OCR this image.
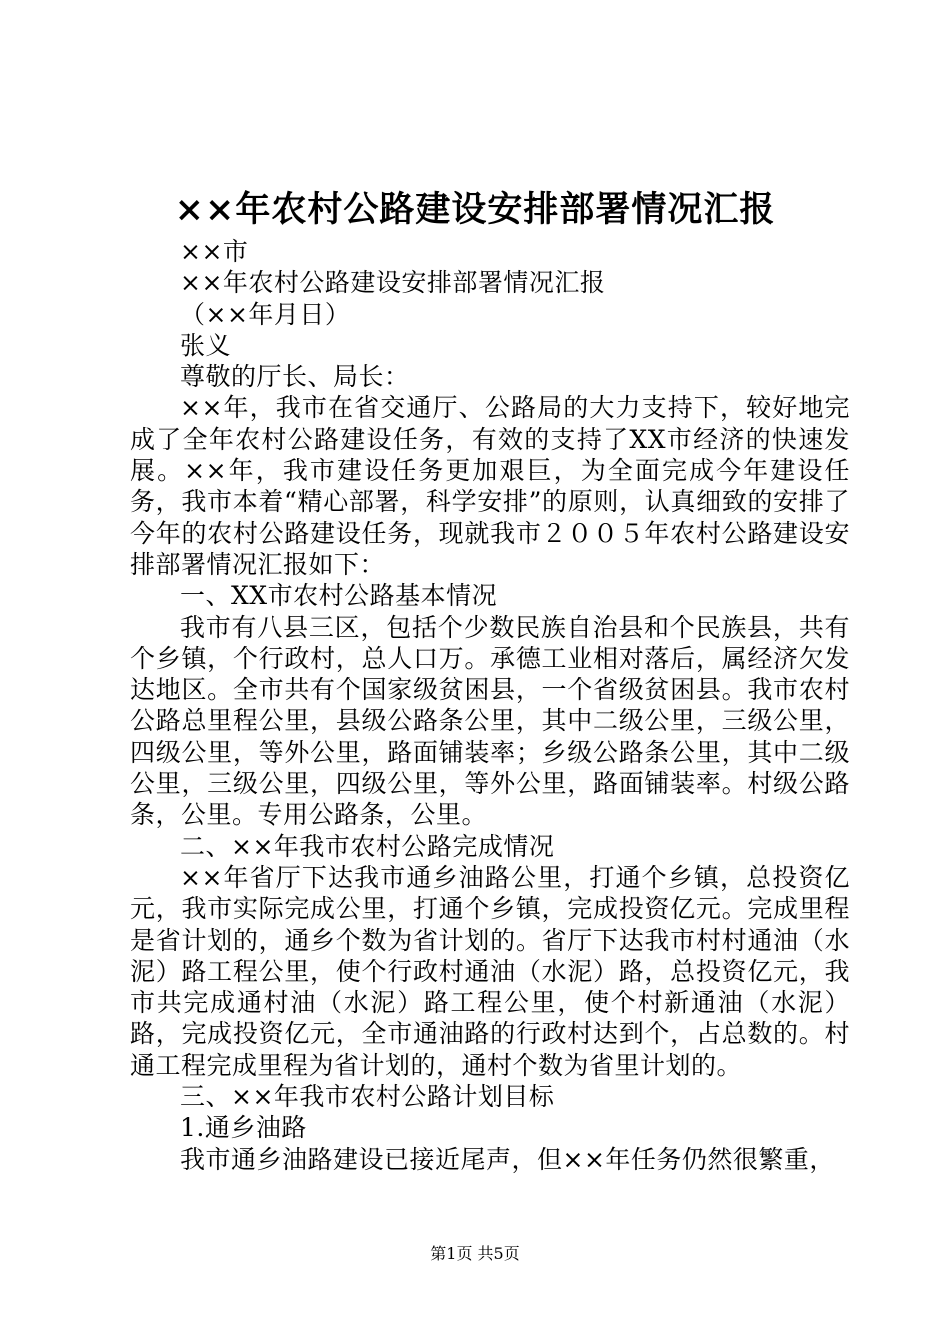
××年农村公路建设安排部署情况汇报

××市

××年农村公路建设安排部署情况汇报

（××年月日）

张义

尊敬的厅长、局长：

××年，我市在省交通厅、公路局的大力支持下，较好地完成了全年农村公路建设任务，有效的支持了XX市经济的快速发展。××年，我市建设任务更加艰巨，为全面完成今年建设任务，我市本着“精心部署，科学安排”的原则，认真细致的安排了今年的农村公路建设任务，现就我市２００５年农村公路建设安排部署情况汇报如下：

一、XX市农村公路基本情况

我市有八县三区，包括个少数民族自治县和个民族县，共有个乡镇，个行政村，总人口万。承德工业相对落后，属经济欠发达地区。全市共有个国家级贫困县，一个省级贫困县。我市农村公路总里程公里，县级公路条公里，其中二级公里，三级公里，四级公里，等外公里，路面铺装率；乡级公路条公里，其中二级公里，三级公里，四级公里，等外公里，路面铺装率。村级公路条，公里。专用公路条，公里。

二、××年我市农村公路完成情况

××年省厅下达我市通乡油路公里，打通个乡镇，总投资亿元，我市实际完成公里，打通个乡镇，完成投资亿元。完成里程是省计划的，通乡个数为省计划的。省厅下达我市村村通油（水泥）路工程公里，使个行政村通油（水泥）路，总投资亿元，我市共完成通村油（水泥）路工程公里，使个村新通油（水泥）路，完成投资亿元，全市通油路的行政村达到个，占总数的。村通工程完成里程为省计划的，通村个数为省里计划的。

三、××年我市农村公路计划目标

1.通乡油路

我市通乡油路建设已接近尾声，但××年任务仍然很繁重，

第1页 共5页
